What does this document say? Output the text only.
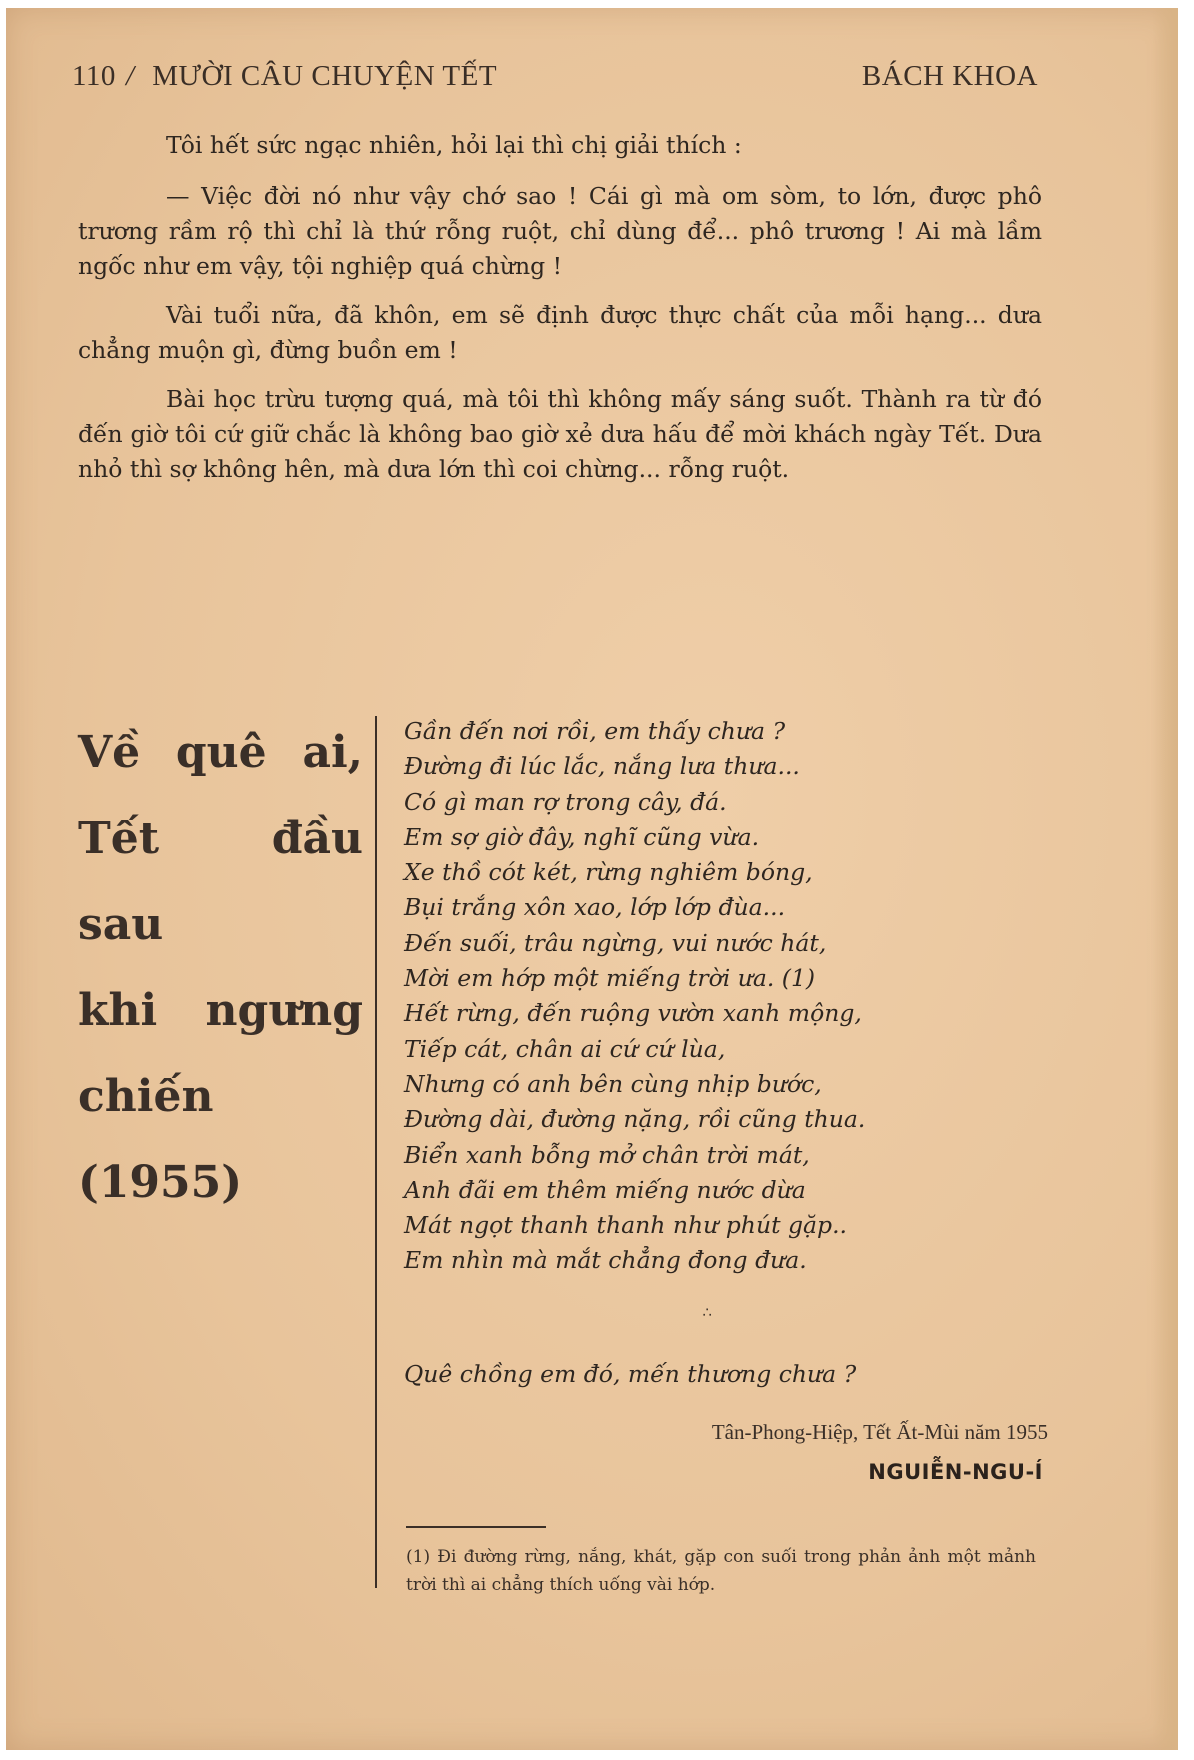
110 / MƯỜI CÂU CHUYỆN TẾT	BÁCH KHOA

Tôi hết sức ngạc nhiên, hỏi lại thì chị giải thích :

— Việc đời nó như vậy chớ sao ! Cái gì mà om sòm, to lớn, được phô trương rầm rộ thì chỉ là thứ rỗng ruột, chỉ dùng để... phô trương ! Ai mà lầm ngốc như em vậy, tội nghiệp quá chừng !

Vài tuổi nữa, đã khôn, em sẽ định được thực chất của mỗi hạng... dưa chẳng muộn gì, đừng buồn em !

Bài học trừu tượng quá, mà tôi thì không mấy sáng suốt. Thành ra từ đó đến giờ tôi cứ giữ chắc là không bao giờ xẻ dưa hấu để mời khách ngày Tết. Dưa nhỏ thì sợ không hên, mà dưa lớn thì coi chừng... rỗng ruột.

Về quê ai,
Tết đầu sau
khi ngưng
chiến (1955)
Gần đến nơi rồi, em thấy chưa ?
Đường đi lúc lắc, nắng lưa thưa...
Có gì man rợ trong cây, đá.
Em sợ giờ đây, nghĩ cũng vừa.
Xe thồ cót két, rừng nghiêm bóng,
Bụi trắng xôn xao, lớp lớp đùa...
Đến suối, trâu ngừng, vui nước hát,
Mời em hớp một miếng trời ưa. (1)
Hết rừng, đến ruộng vườn xanh mộng,
Tiếp cát, chân ai cứ cứ lùa,
Nhưng có anh bên cùng nhịp bước,
Đường dài, đường nặng, rồi cũng thua.
Biển xanh bỗng mở chân trời mát,
Anh đãi em thêm miếng nước dừa
Mát ngọt thanh thanh như phút gặp..
Em nhìn mà mắt chẳng đong đưa.
∴
Quê chồng em đó, mến thương chưa ?
Tân-Phong-Hiệp, Tết Ất-Mùi năm 1955
NGUIỄN-NGU-Í
(1) Đi đường rừng, nắng, khát, gặp con suối trong phản ảnh một mảnh trời thì ai chẳng thích uống vài hớp.
